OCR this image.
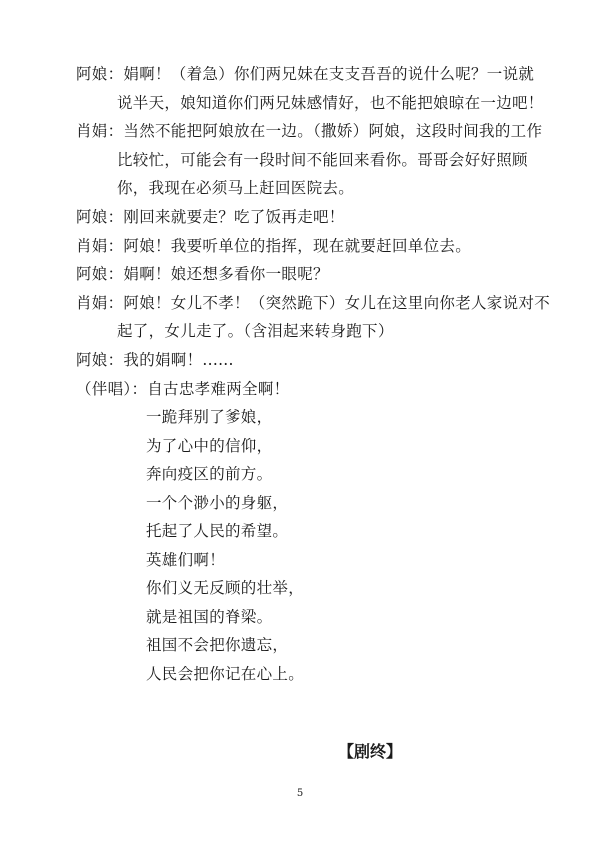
阿娘：娟啊！（着急）你们两兄妹在支支吾吾的说什么呢？一说就
说半天，娘知道你们两兄妹感情好，也不能把娘晾在一边吧！
肖娟：当然不能把阿娘放在一边。（撒娇）阿娘，这段时间我的工作
比较忙，可能会有一段时间不能回来看你。哥哥会好好照顾
你，我现在必须马上赶回医院去。
阿娘：刚回来就要走？吃了饭再走吧！
肖娟：阿娘！我要听单位的指挥，现在就要赶回单位去。
阿娘：娟啊！娘还想多看你一眼呢？
肖娟：阿娘！女儿不孝！（突然跪下）女儿在这里向你老人家说对不
起了，女儿走了。（含泪起来转身跑下）
阿娘：我的娟啊！......
（伴唱）：自古忠孝难两全啊！
一跪拜别了爹娘，
为了心中的信仰，
奔向疫区的前方。
一个个渺小的身躯，
托起了人民的希望。
英雄们啊！
你们义无反顾的壮举，
就是祖国的脊梁。
祖国不会把你遗忘，
人民会把你记在心上。
【剧终】
5
